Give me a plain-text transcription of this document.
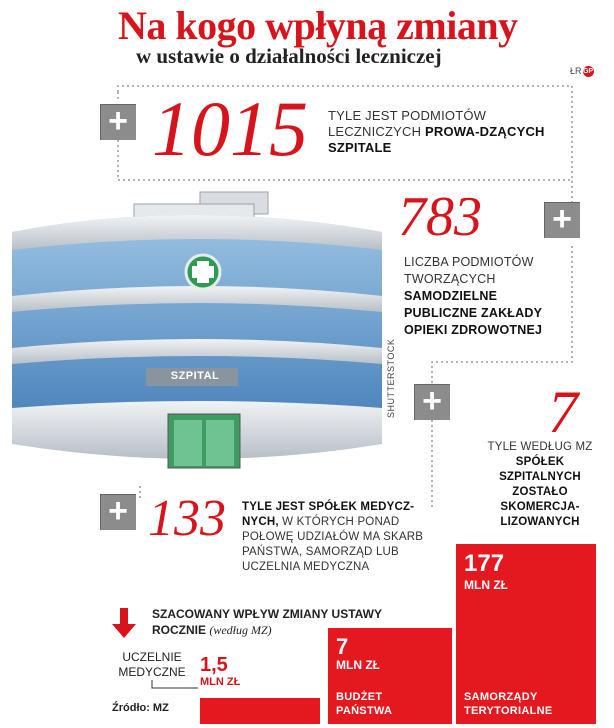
Na kogo wpłyną zmiany
w ustawie o działalności leczniczej
ŁRGP
+ 1015 TYLE JEST PODMIOTÓW LECZNICZYCH PROWA-DZĄCYCH SZPITALE
SZPITAL	SHUTTERSTOCK
783 +
LICZBA PODMIOTÓW TWORZĄCYCH SAMODZIELNE PUBLICZNE ZAKŁADY OPIEKI ZDROWOTNEJ
+ 7
TYLE WEDŁUG MZ SPÓŁEK SZPITALNYCH ZOSTAŁO SKOMERCJA-LIZOWANYCH
+ 133 TYLE JEST SPÓŁEK MEDYCZ-NYCH, W KTÓRYCH PONAD POŁOWĘ UDZIAŁÓW MA SKARB PAŃSTWA, SAMORZĄD LUB UCZELNIA MEDYCZNA
SZACOWANY WPŁYW ZMIANY USTAWY ROCZNIE (według MZ)
UCZELNIE MEDYCZNE 1,5
MLN ZŁ
7
MLN ZŁ
BUDŻET PAŃSTWA
177
MLN ZŁ
SAMORZĄDY TERYTORIALNE
Źródło: MZ
